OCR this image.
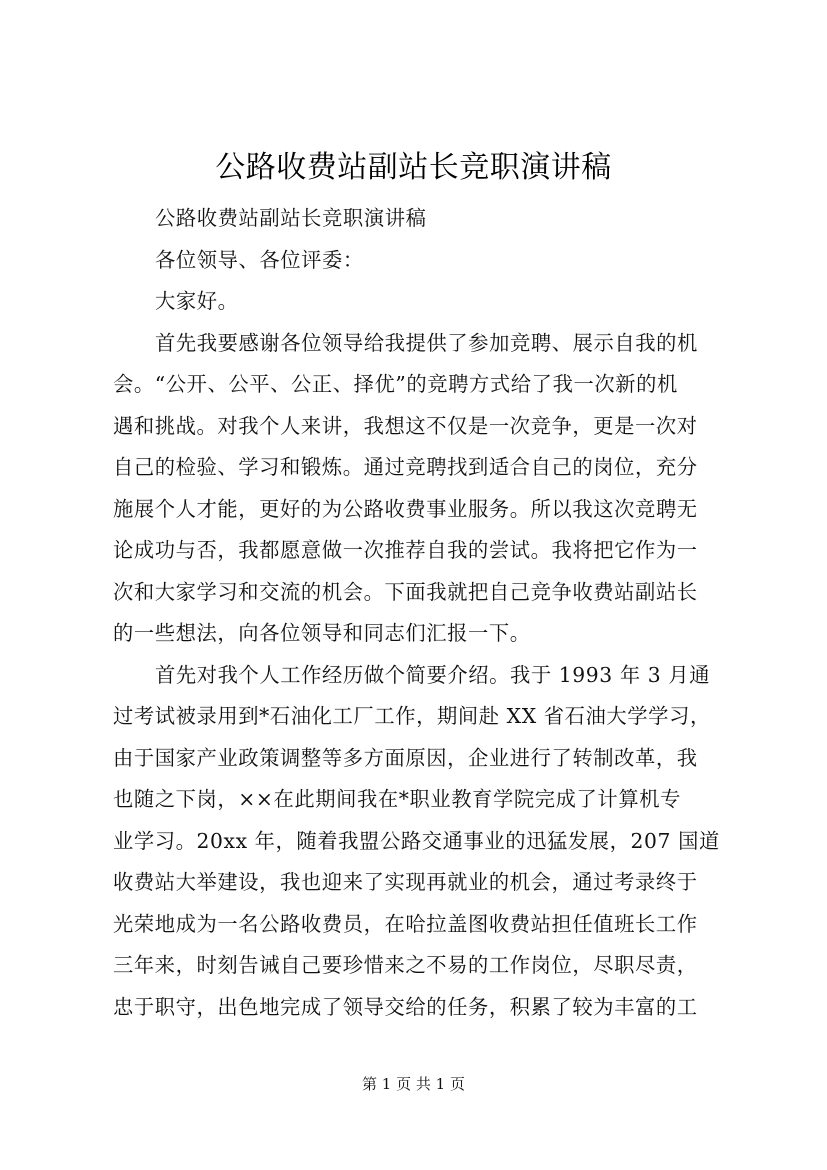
公路收费站副站长竞职演讲稿
公路收费站副站长竞职演讲稿
各位领导、各位评委：
大家好。
首先我要感谢各位领导给我提供了参加竞聘、展示自我的机
会。“公开、公平、公正、择优”的竞聘方式给了我一次新的机
遇和挑战。对我个人来讲，我想这不仅是一次竞争，更是一次对
自己的检验、学习和锻炼。通过竞聘找到适合自己的岗位，充分
施展个人才能，更好的为公路收费事业服务。所以我这次竞聘无
论成功与否，我都愿意做一次推荐自我的尝试。我将把它作为一
次和大家学习和交流的机会。下面我就把自己竞争收费站副站长
的一些想法，向各位领导和同志们汇报一下。
首先对我个人工作经历做个简要介绍。我于 1993 年 3 月通
过考试被录用到*石油化工厂工作，期间赴 XX 省石油大学学习，
由于国家产业政策调整等多方面原因，企业进行了转制改革，我
也随之下岗，××在此期间我在*职业教育学院完成了计算机专
业学习。20xx 年，随着我盟公路交通事业的迅猛发展，207 国道
收费站大举建设，我也迎来了实现再就业的机会，通过考录终于
光荣地成为一名公路收费员，在哈拉盖图收费站担任值班长工作
三年来，时刻告诫自己要珍惜来之不易的工作岗位，尽职尽责，
忠于职守，出色地完成了领导交给的任务，积累了较为丰富的工
第 1 页 共 1 页
